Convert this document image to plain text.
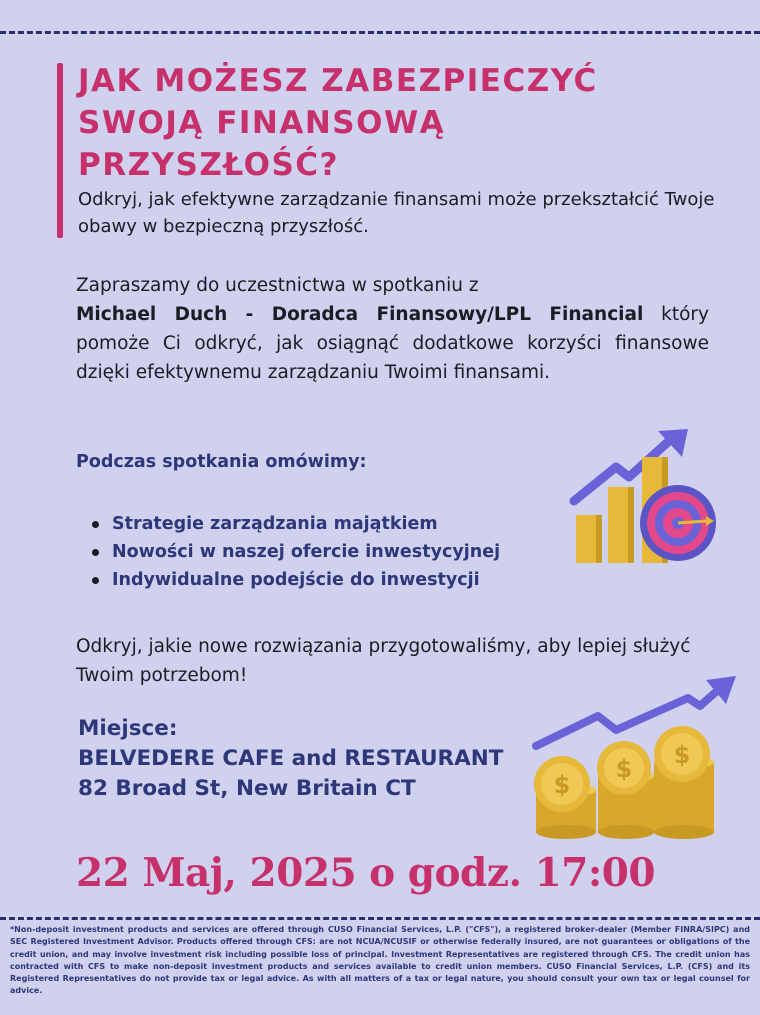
JAK MOŻESZ ZABEZPIECZYĆ
SWOJĄ FINANSOWĄ
PRZYSZŁOŚĆ?

Odkryj, jak efektywne zarządzanie finansami może przekształcić Twoje obawy w bezpieczną przyszłość.

Zapraszamy do uczestnictwa w spotkaniu z
Michael Duch - Doradca Finansowy/LPL Financial który pomoże Ci odkryć, jak osiągnąć dodatkowe korzyści finansowe dzięki efektywnemu zarządzaniu Twoimi finansami.

Podczas spotkania omówimy:
Strategie zarządzania majątkiem
Nowości w naszej ofercie inwestycyjnej
Indywidualne podejście do inwestycji

Odkryj, jakie nowe rozwiązania przygotowaliśmy, aby lepiej służyć Twoim potrzebom!

Miejsce:
BELVEDERE CAFE and RESTAURANT
82 Broad St, New Britain CT	$
$ $

22 Maj, 2025 o godz. 17:00

*Non-deposit investment products and services are offered through CUSO Financial Services, L.P. ("CFS"), a registered broker-dealer (Member FINRA/SIPC) and SEC Registered Investment Advisor. Products offered through CFS: are not NCUA/NCUSIF or otherwise federally insured, are not guarantees or obligations of the credit union, and may involve investment risk including possible loss of principal. Investment Representatives are registered through CFS. The credit union has contracted with CFS to make non-deposit investment products and services available to credit union members. CUSO Financial Services, L.P. (CFS) and its Registered Representatives do not provide tax or legal advice. As with all matters of a tax or legal nature, you should consult your own tax or legal counsel for advice.
